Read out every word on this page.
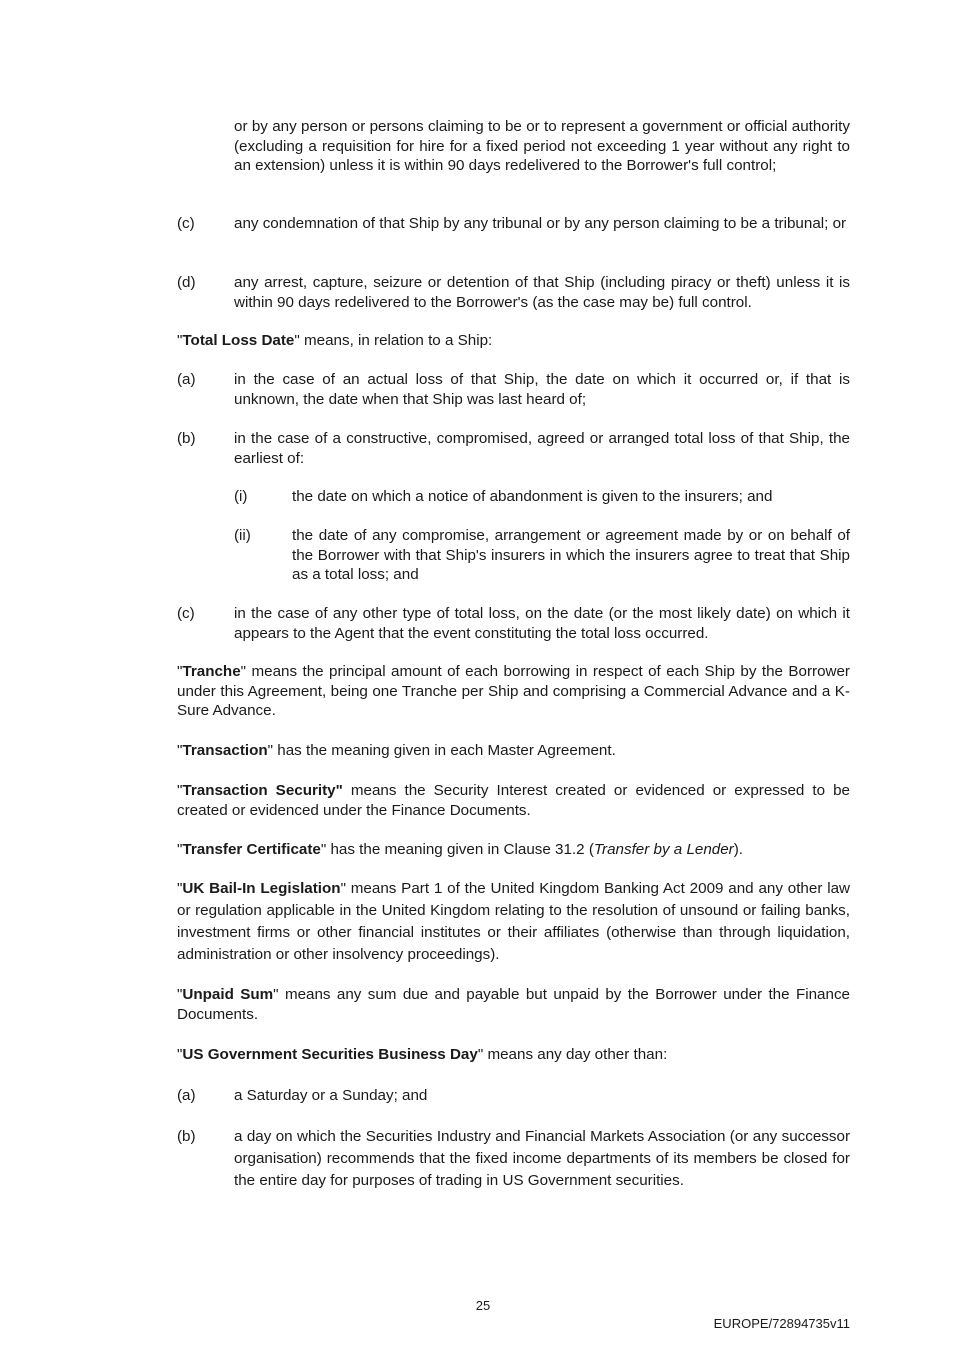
or by any person or persons claiming to be or to represent a government or official authority (excluding a requisition for hire for a fixed period not exceeding 1 year without any right to an extension) unless it is within 90 days redelivered to the Borrower's full control;

(c)	any condemnation of that Ship by any tribunal or by any person claiming to be a tribunal; or
(d)	any arrest, capture, seizure or detention of that Ship (including piracy or theft) unless it is within 90 days redelivered to the Borrower's (as the case may be) full control.

"Total Loss Date" means, in relation to a Ship:

(a)	in the case of an actual loss of that Ship, the date on which it occurred or, if that is unknown, the date when that Ship was last heard of;
(b)	in the case of a constructive, compromised, agreed or arranged total loss of that Ship, the earliest of:
(i)	the date on which a notice of abandonment is given to the insurers; and
(ii)	the date of any compromise, arrangement or agreement made by or on behalf of the Borrower with that Ship's insurers in which the insurers agree to treat that Ship as a total loss; and
(c)	in the case of any other type of total loss, on the date (or the most likely date) on which it appears to the Agent that the event constituting the total loss occurred.

"Tranche" means the principal amount of each borrowing in respect of each Ship by the Borrower under this Agreement, being one Tranche per Ship and comprising a Commercial Advance and a K-Sure Advance.

"Transaction" has the meaning given in each Master Agreement.

"Transaction Security" means the Security Interest created or evidenced or expressed to be created or evidenced under the Finance Documents.

"Transfer Certificate" has the meaning given in Clause 31.2 (Transfer by a Lender).

"UK Bail-In Legislation" means Part 1 of the United Kingdom Banking Act 2009 and any other law or regulation applicable in the United Kingdom relating to the resolution of unsound or failing banks, investment firms or other financial institutes or their affiliates (otherwise than through liquidation, administration or other insolvency proceedings).

"Unpaid Sum" means any sum due and payable but unpaid by the Borrower under the Finance Documents.

"US Government Securities Business Day" means any day other than:

(a)	a Saturday or a Sunday; and
(b)	a day on which the Securities Industry and Financial Markets Association (or any successor organisation) recommends that the fixed income departments of its members be closed for the entire day for purposes of trading in US Government securities.
25
EUROPE/72894735v11
